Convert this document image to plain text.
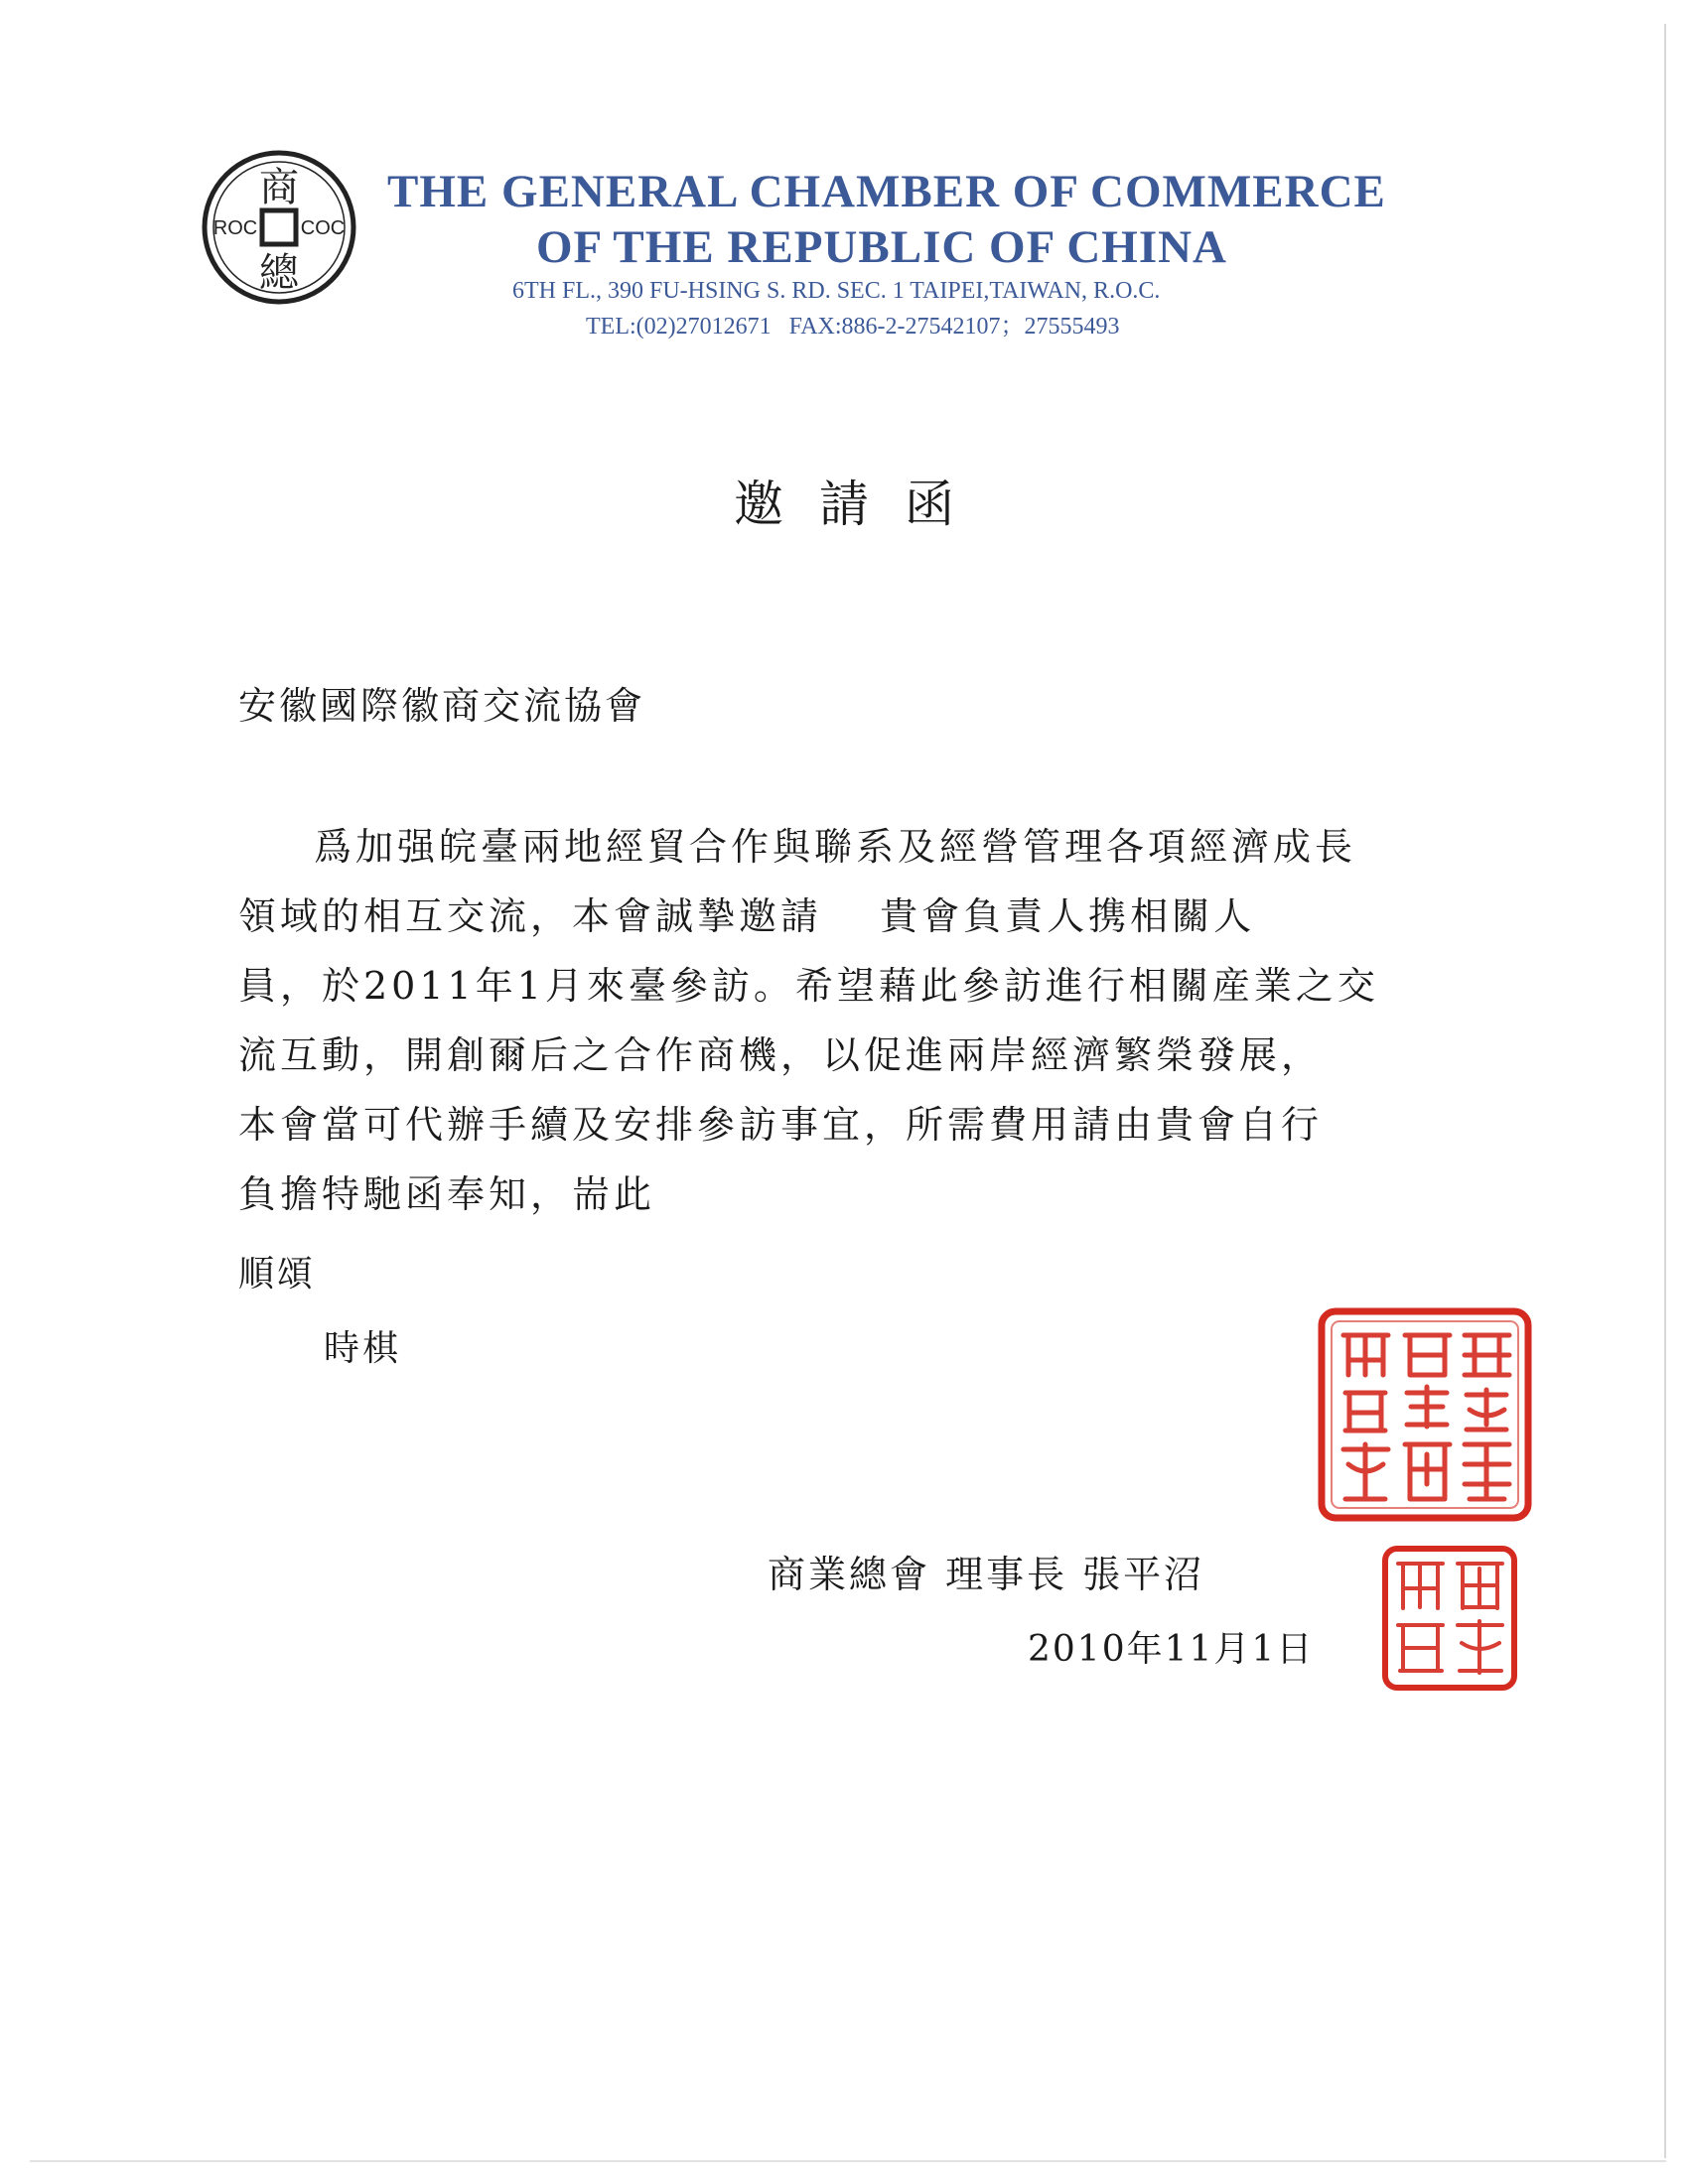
商
總
ROC COC
THE GENERAL CHAMBER OF COMMERCE
OF THE REPUBLIC OF CHINA
6TH FL., 390 FU-HSING S. RD. SEC. 1 TAIPEI,TAIWAN, R.O.C.
TEL:(02)27012671   FAX:886-2-27542107；27555493
邀請函
安徽國際徽商交流協會
爲加强皖臺兩地經貿合作與聯系及經營管理各項經濟成長
領域的相互交流，本會誠摯邀請　 貴會負責人携相關人
員，於2011年1月來臺參訪。希望藉此參訪進行相關産業之交
流互動，開創爾后之合作商機，以促進兩岸經濟繁榮發展，
本會當可代辦手續及安排參訪事宜，所需費用請由貴會自行
負擔特馳函奉知，耑此
順頌
時棋
商業總會 理事長 張平沼
2010年11月1日
